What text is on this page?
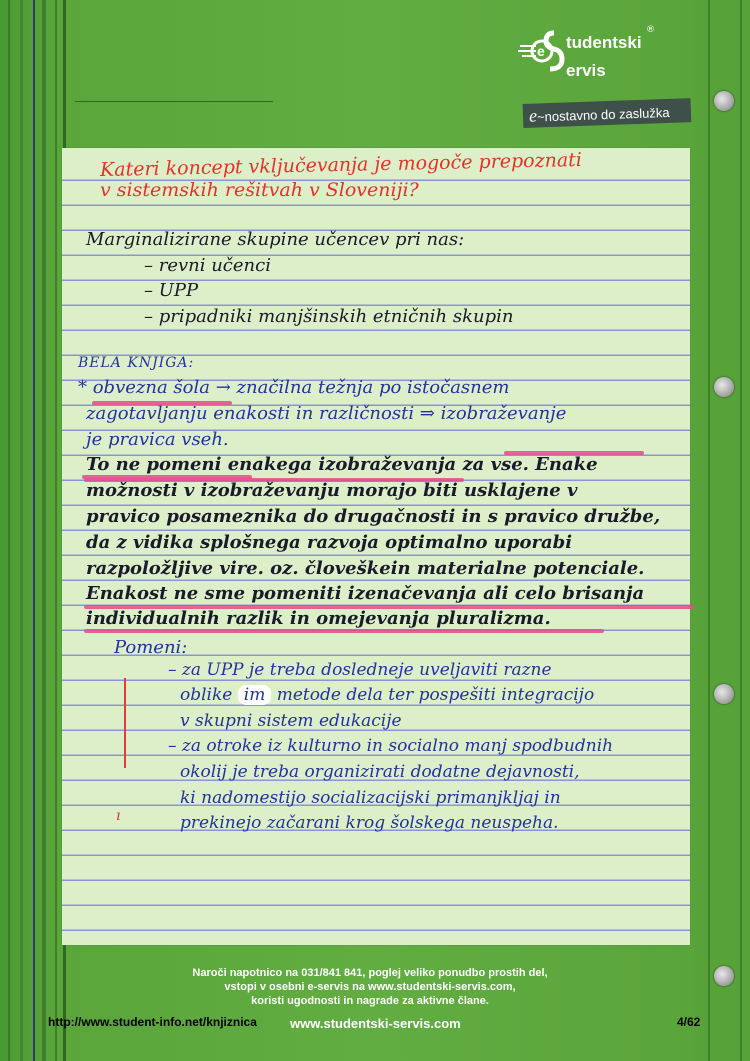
e tudentski
ervis
®
e~nostavno do zaslužka
Kateri koncept vključevanja je mogoče prepoznati
v sistemskih rešitvah v Sloveniji?
Marginalizirane skupine učencev pri nas:
– revni učenci
– UPP
– pripadniki manjšinskih etničnih skupin
BELA KNJIGA:
* obvezna šola → značilna težnja po istočasnem
zagotavljanju enakosti in različnosti ⇒ izobraževanje
je pravica vseh.
To ne pomeni enakega izobraževanja za vse. Enake
možnosti v izobraževanju morajo biti usklajene v
pravico posameznika do drugačnosti in s pravico družbe,
da z vidika splošnega razvoja optimalno uporabi
razpoložljive vire. oz. človeškein materialne potenciale.
Enakost ne sme pomeniti izenačevanja ali celo brisanja
individualnih razlik in omejevanja pluralizma.
Pomeni:
– za UPP je treba dosledneje uveljaviti razne
oblike im metode dela ter pospešiti integracijo
v skupni sistem edukacije
– za otroke iz kulturno in socialno manj spodbudnih
okolij je treba organizirati dodatne dejavnosti,
ki nadomestijo socializacijski primanjkljaj in
prekinejo začarani krog šolskega neuspeha.
ı
Naroči napotnico na 031/841 841, poglej veliko ponudbo prostih del,
vstopi v osebni e-servis na www.studentski-servis.com,
koristi ugodnosti in nagrade za aktivne člane.
www.studentski-servis.com
http://www.student-info.net/knjiznica	4/62
